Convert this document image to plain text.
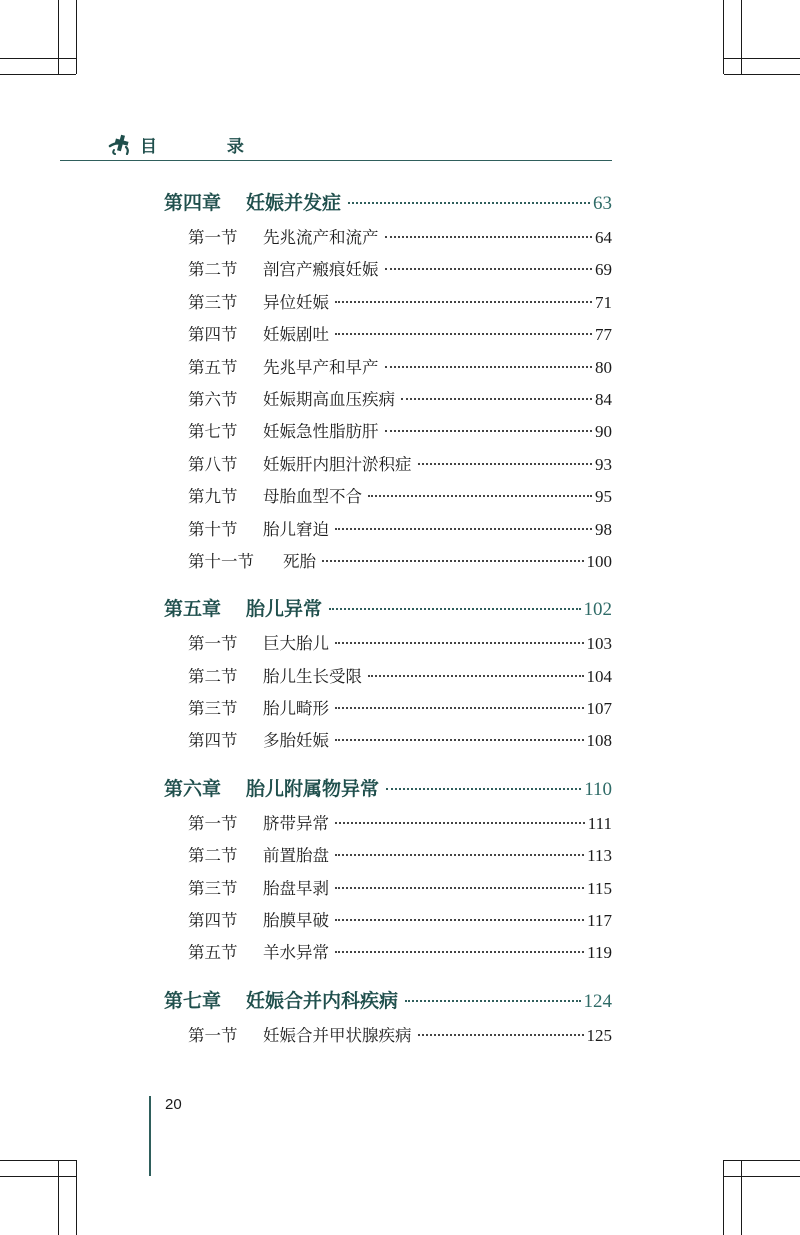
目 录
第四章	妊娠并发症	63
第一节	先兆流产和流产	64
第二节	剖宫产瘢痕妊娠	69
第三节	异位妊娠	71
第四节	妊娠剧吐	77
第五节	先兆早产和早产	80
第六节	妊娠期高血压疾病	84
第七节	妊娠急性脂肪肝	90
第八节	妊娠肝内胆汁淤积症	93
第九节	母胎血型不合	95
第十节	胎儿窘迫	98
第十一节	死胎	100
第五章	胎儿异常	102
第一节	巨大胎儿	103
第二节	胎儿生长受限	104
第三节	胎儿畸形	107
第四节	多胎妊娠	108
第六章	胎儿附属物异常	110
第一节	脐带异常	111
第二节	前置胎盘	113
第三节	胎盘早剥	115
第四节	胎膜早破	117
第五节	羊水异常	119
第七章	妊娠合并内科疾病	124
第一节	妊娠合并甲状腺疾病	125
20
